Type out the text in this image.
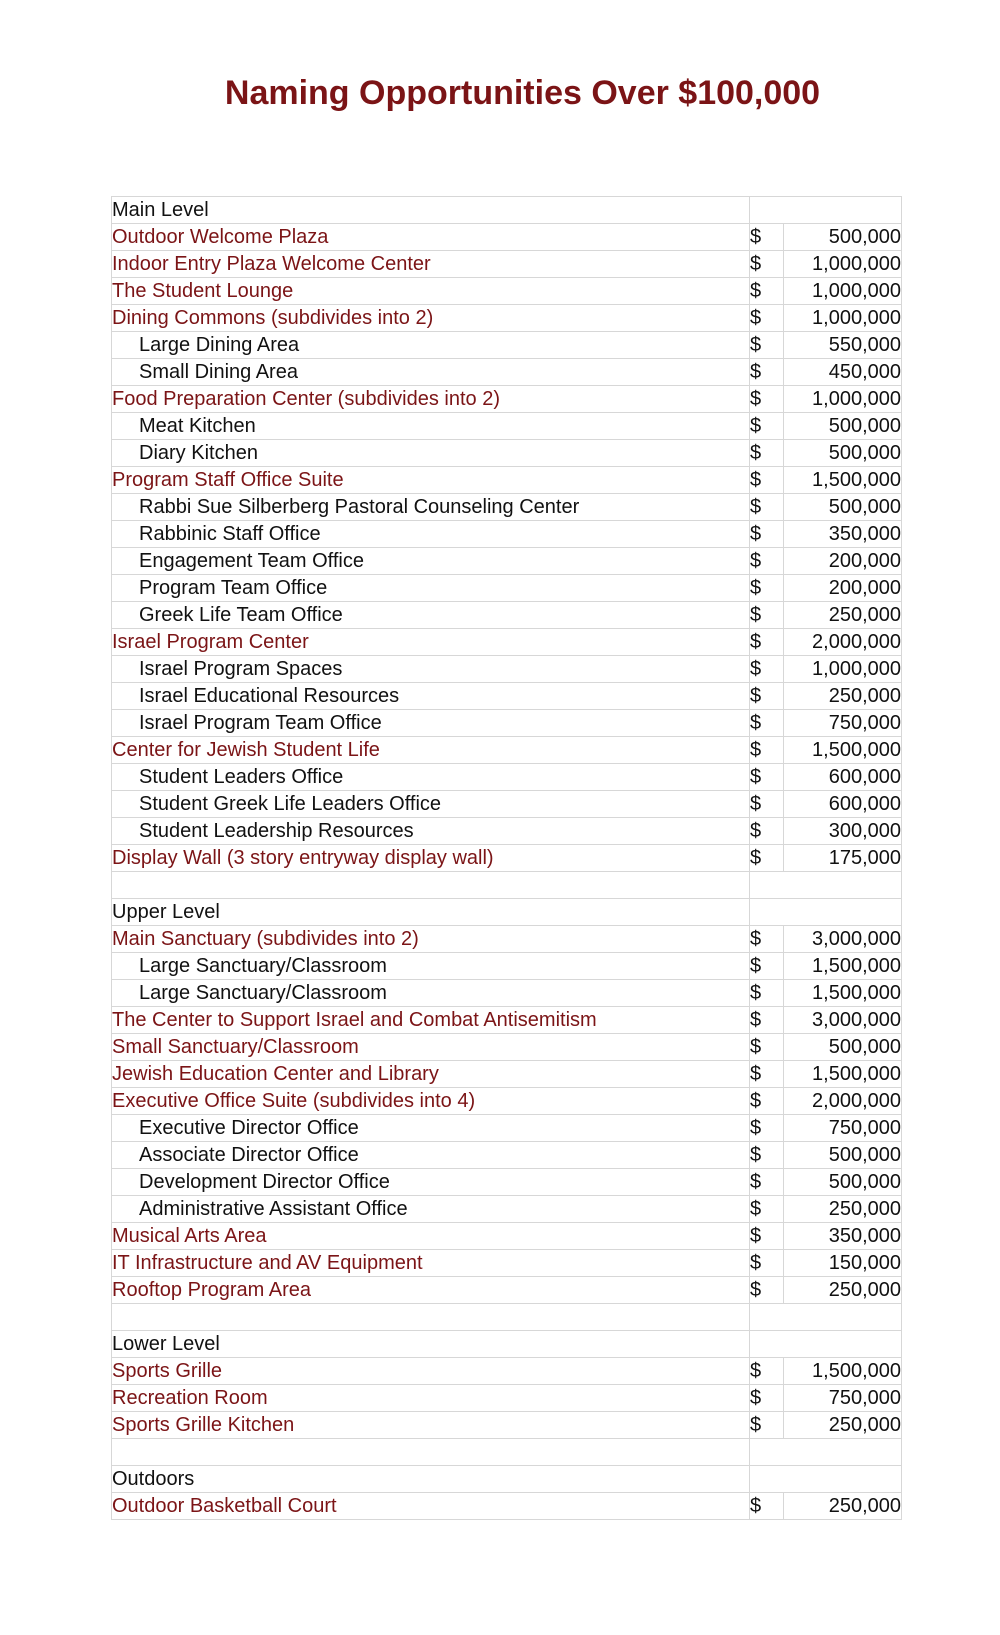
Naming Opportunities Over $100,000
Main Level		
Outdoor Welcome Plaza	$	500,000
Indoor Entry Plaza Welcome Center	$	1,000,000
The Student Lounge	$	1,000,000
Dining Commons (subdivides into 2)	$	1,000,000
Large Dining Area	$	550,000
Small Dining Area	$	450,000
Food Preparation Center (subdivides into 2)	$	1,000,000
Meat Kitchen	$	500,000
Diary Kitchen	$	500,000
Program Staff Office Suite	$	1,500,000
Rabbi Sue Silberberg Pastoral Counseling Center	$	500,000
Rabbinic Staff Office	$	350,000
Engagement Team Office	$	200,000
Program Team Office	$	200,000
Greek Life Team Office	$	250,000
Israel Program Center	$	2,000,000
Israel Program Spaces	$	1,000,000
Israel Educational Resources	$	250,000
Israel Program Team Office	$	750,000
Center for Jewish Student Life	$	1,500,000
Student Leaders Office	$	600,000
Student Greek Life Leaders Office	$	600,000
Student Leadership Resources	$	300,000
Display Wall (3 story entryway display wall)	$	175,000

Upper Level		
Main Sanctuary (subdivides into 2)	$	3,000,000
Large Sanctuary/Classroom	$	1,500,000
Large Sanctuary/Classroom	$	1,500,000
The Center to Support Israel and Combat Antisemitism	$	3,000,000
Small Sanctuary/Classroom	$	500,000
Jewish Education Center and Library	$	1,500,000
Executive Office Suite (subdivides into 4)	$	2,000,000
Executive Director Office	$	750,000
Associate Director Office	$	500,000
Development Director Office	$	500,000
Administrative Assistant Office	$	250,000
Musical Arts Area	$	350,000
IT Infrastructure and AV Equipment	$	150,000
Rooftop Program Area	$	250,000

Lower Level		
Sports Grille	$	1,500,000
Recreation Room	$	750,000
Sports Grille Kitchen	$	250,000

Outdoors		
Outdoor Basketball Court	$	250,000
